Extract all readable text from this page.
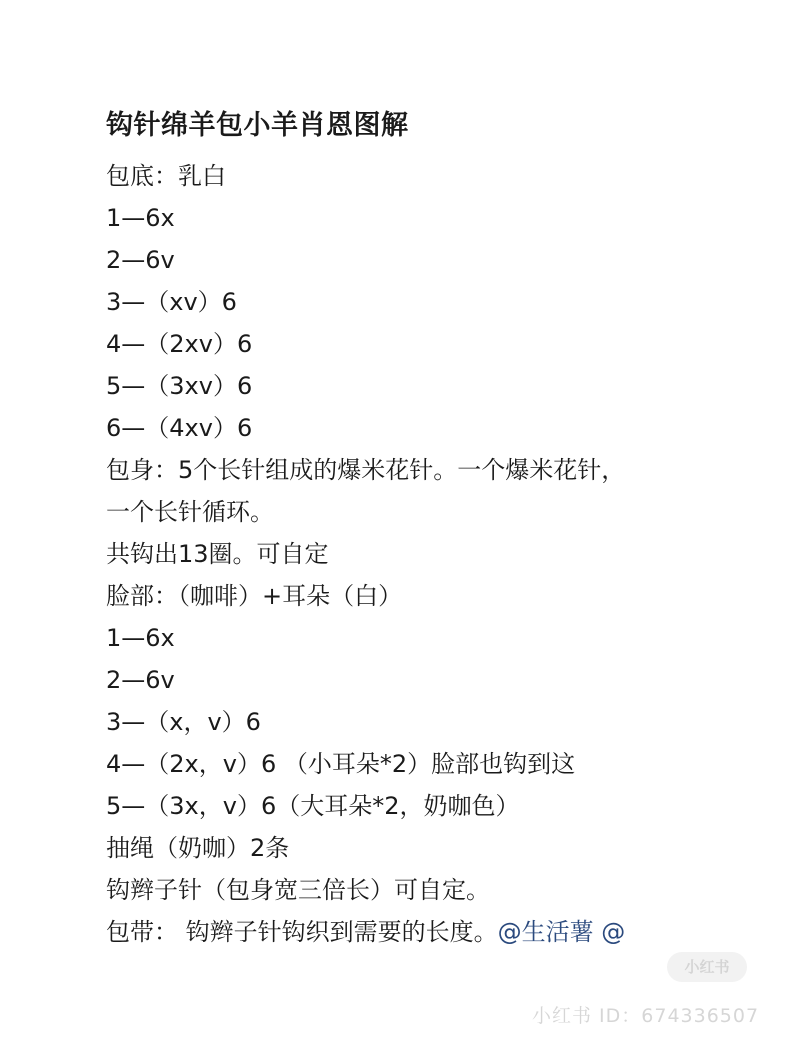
钩针绵羊包小羊肖恩图解
包底：乳白
1—6x
2—6v
3—（xv）6
4—（2xv）6
5—（3xv）6
6—（4xv）6
包身：5个长针组成的爆米花针。一个爆米花针，
一个长针循环。
共钩出13圈。可自定
脸部：（咖啡）+耳朵（白）
1—6x
2—6v
3—（x，v）6
4—（2x，v）6 （小耳朵*2）脸部也钩到这
5—（3x，v）6（大耳朵*2，奶咖色）
抽绳（奶咖）2条
钩辫子针（包身宽三倍长）可自定。
包带： 钩辫子针钩织到需要的长度。@生活薯 @
小红书
小红书 ID：674336507
